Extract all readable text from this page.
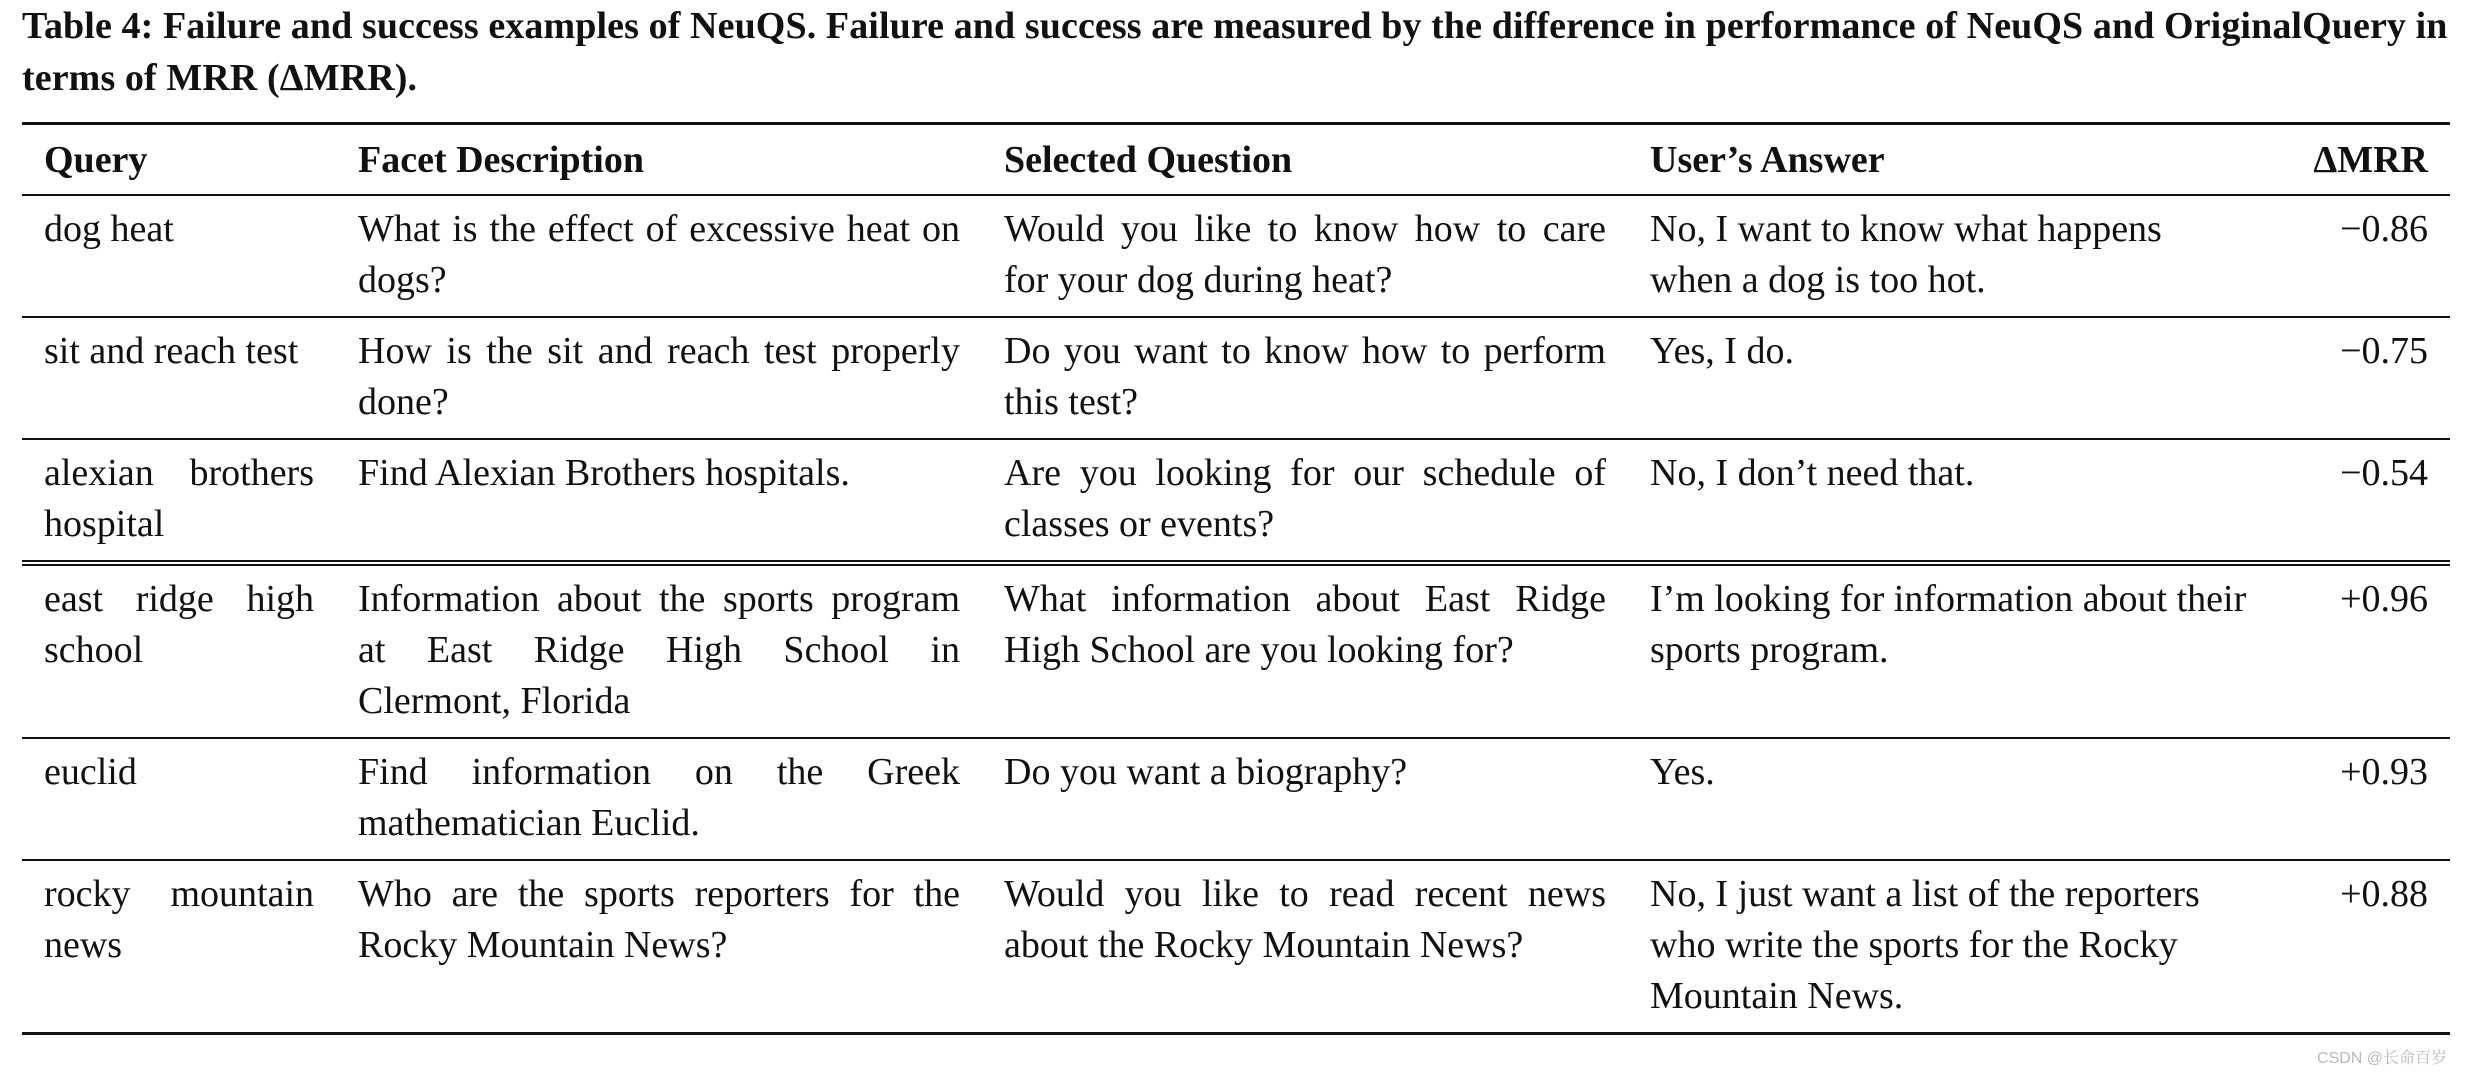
Table 4: Failure and success examples of NeuQS. Failure and success are measured by the difference in performance of NeuQS and OriginalQuery in terms of MRR (ΔMRR).
Query	Facet Description	Selected Question	User’s Answer	ΔMRR
dog heat	What is the effect of excessive heat on dogs?	Would you like to know how to care for your dog during heat?	No, I want to know what happens when a dog is too hot.	−0.86
sit and reach test	How is the sit and reach test properly done?	Do you want to know how to perform this test?	Yes, I do.	−0.75
alexian brothers hospital	Find Alexian Brothers hospitals.	Are you looking for our schedule of classes or events?	No, I don’t need that.	−0.54
east ridge high school	Information about the sports program at East Ridge High School in Clermont, Florida	What information about East Ridge High School are you looking for?	I’m looking for information about their sports program.	+0.96
euclid	Find information on the Greek mathematician Euclid.	Do you want a biography?	Yes.	+0.93
rocky mountain news	Who are the sports reporters for the Rocky Mountain News?	Would you like to read recent news about the Rocky Mountain News?	No, I just want a list of the reporters who write the sports for the Rocky Mountain News.	+0.88
CSDN @长命百岁️
